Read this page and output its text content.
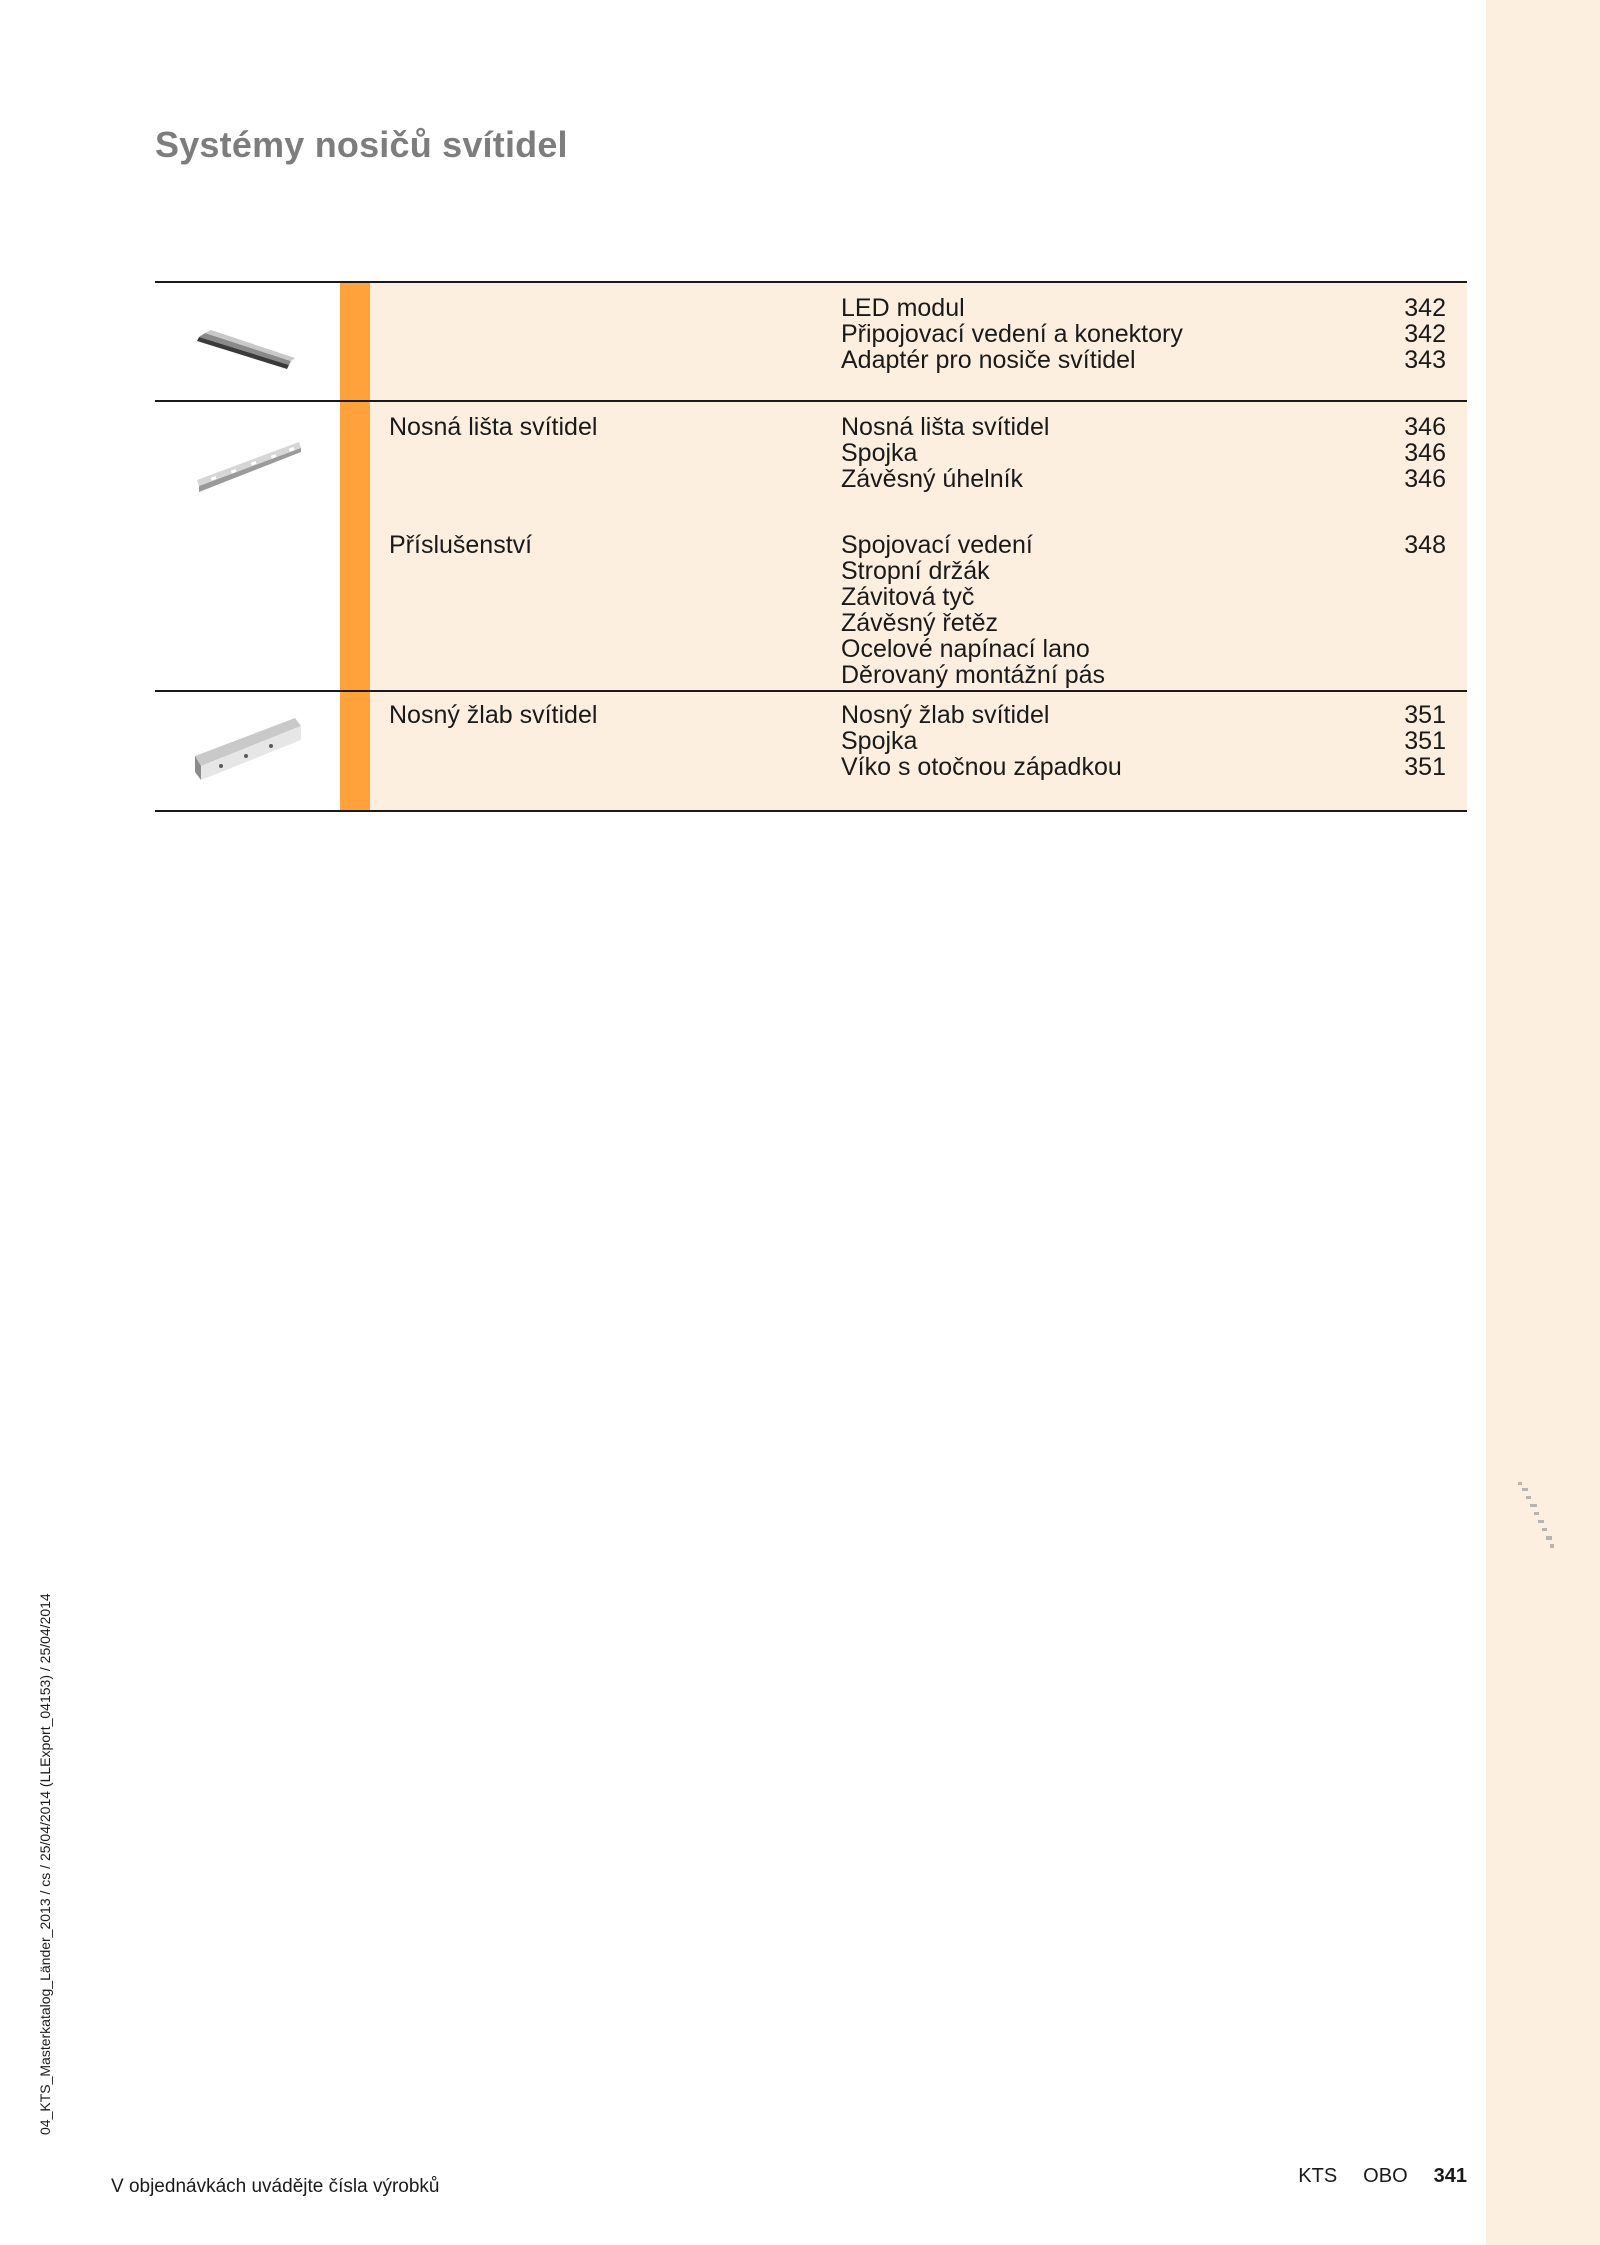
Systémy nosičů svítidel
LED modul	342
Připojovací vedení a konektory	342
Adaptér pro nosiče svítidel	343
Nosná lišta svítidel	Nosná lišta svítidel	346
Spojka	346
Závěsný úhelník	346
Příslušenství	Spojovací vedení	348
Stropní držák
Závitová tyč
Závěsný řetěz
Ocelové napínací lano
Děrovaný montážní pás
Nosný žlab svítidel	Nosný žlab svítidel	351
Spojka	351
Víko s otočnou západkou	351
04_KTS_Masterkatalog_Länder_2013 / cs / 25/04/2014 (LLExport_04153) / 25/04/2014
V objednávkách uvádějte čísla výrobků	KTS OBO 341
